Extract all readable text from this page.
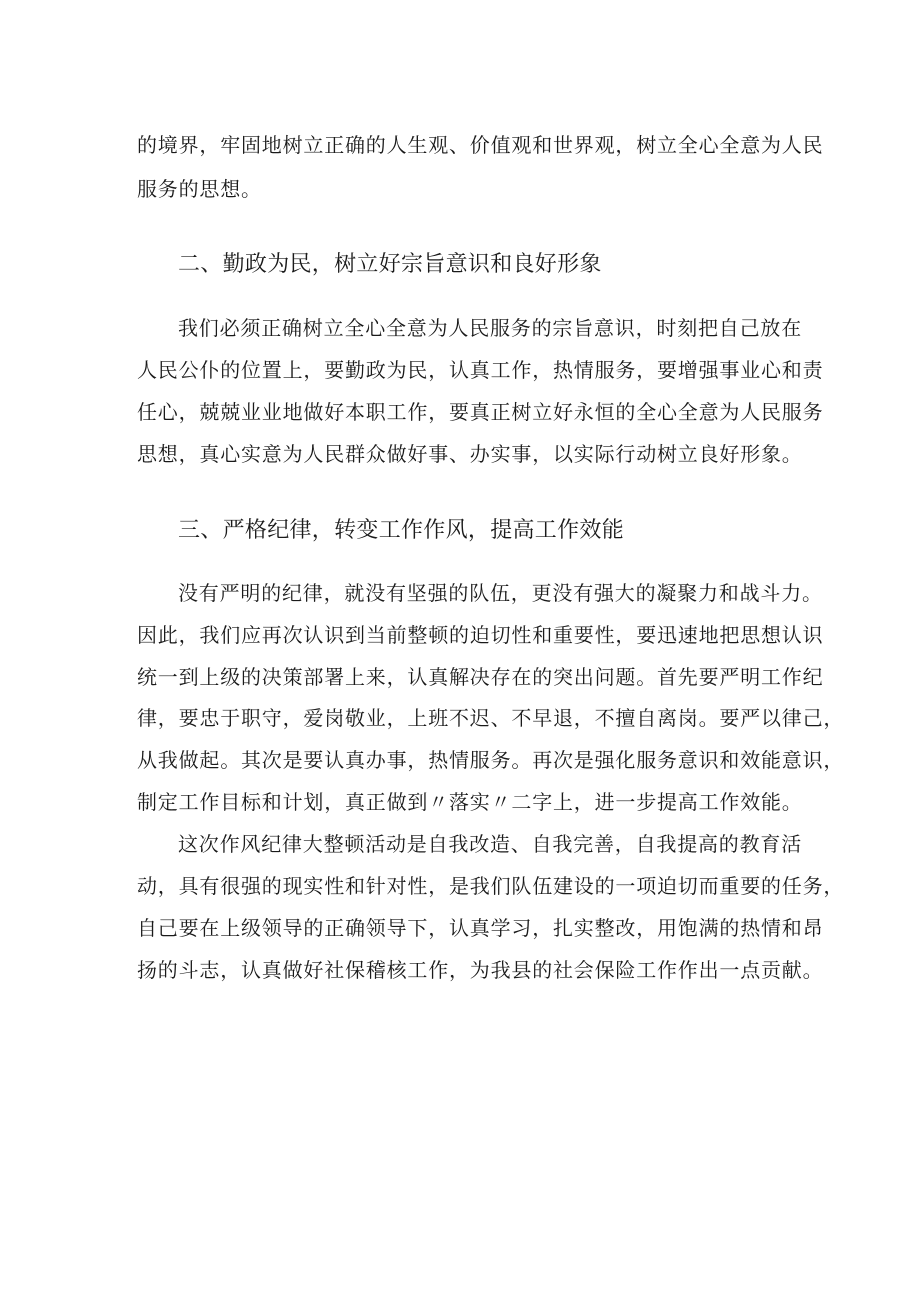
的境界，牢固地树立正确的人生观、价值观和世界观，树立全心全意为人民
服务的思想。
二、勤政为民，树立好宗旨意识和良好形象
我们必须正确树立全心全意为人民服务的宗旨意识，时刻把自己放在
人民公仆的位置上，要勤政为民，认真工作，热情服务，要增强事业心和责
任心，兢兢业业地做好本职工作，要真正树立好永恒的全心全意为人民服务
思想，真心实意为人民群众做好事、办实事，以实际行动树立良好形象。
三、严格纪律，转变工作作风，提高工作效能
没有严明的纪律，就没有坚强的队伍，更没有强大的凝聚力和战斗力。
因此，我们应再次认识到当前整顿的迫切性和重要性，要迅速地把思想认识
统一到上级的决策部署上来，认真解决存在的突出问题。首先要严明工作纪
律，要忠于职守，爱岗敬业，上班不迟、不早退，不擅自离岗。要严以律己，
从我做起。其次是要认真办事，热情服务。再次是强化服务意识和效能意识，
制定工作目标和计划，真正做到〃落实〃二字上，进一步提高工作效能。
这次作风纪律大整顿活动是自我改造、自我完善，自我提高的教育活
动，具有很强的现实性和针对性，是我们队伍建设的一项迫切而重要的任务，
自己要在上级领导的正确领导下，认真学习，扎实整改，用饱满的热情和昂
扬的斗志，认真做好社保稽核工作，为我县的社会保险工作作出一点贡献。
